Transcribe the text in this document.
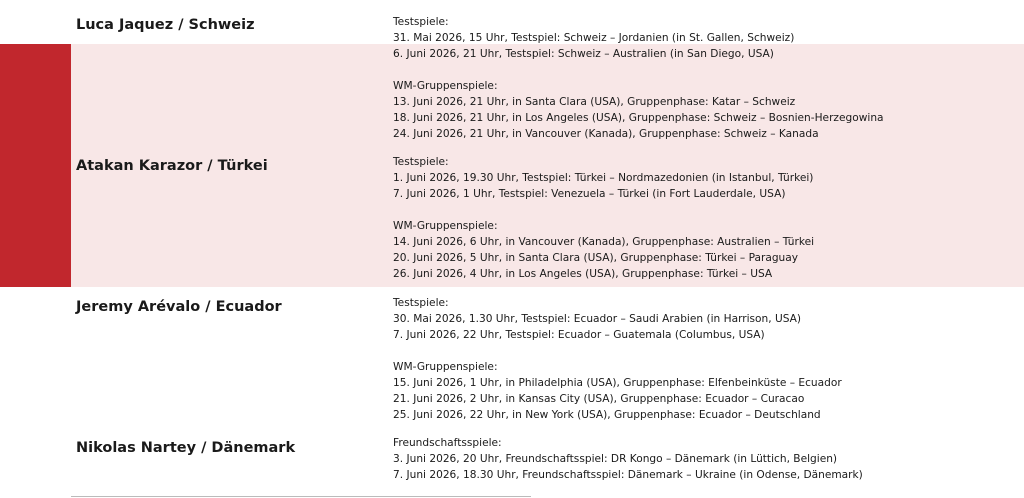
Luca Jaquez / Schweiz	Testspiele:

31. Mai 2026, 15 Uhr, Testspiel: Schweiz – Jordanien (in St. Gallen, Schweiz)

6. Juni 2026, 21 Uhr, Testspiel: Schweiz – Australien (in San Diego, USA)

WM-Gruppenspiele:

13. Juni 2026, 21 Uhr, in Santa Clara (USA), Gruppenphase: Katar – Schweiz

18. Juni 2026, 21 Uhr, in Los Angeles (USA), Gruppenphase: Schweiz – Bosnien-Herzegowina

24. Juni 2026, 21 Uhr, in Vancouver (Kanada), Gruppenphase: Schweiz – Kanada

Atakan Karazor / Türkei	Testspiele:

1. Juni 2026, 19.30 Uhr, Testspiel: Türkei – Nordmazedonien (in Istanbul, Türkei)

7. Juni 2026, 1 Uhr, Testspiel: Venezuela – Türkei (in Fort Lauderdale, USA)

WM-Gruppenspiele:

14. Juni 2026, 6 Uhr, in Vancouver (Kanada), Gruppenphase: Australien – Türkei

20. Juni 2026, 5 Uhr, in Santa Clara (USA), Gruppenphase: Türkei – Paraguay

26. Juni 2026, 4 Uhr, in Los Angeles (USA), Gruppenphase: Türkei – USA

Jeremy Arévalo / Ecuador	Testspiele:

30. Mai 2026, 1.30 Uhr, Testspiel: Ecuador – Saudi Arabien (in Harrison, USA)

7. Juni 2026, 22 Uhr, Testspiel: Ecuador – Guatemala (Columbus, USA)

WM-Gruppenspiele:

15. Juni 2026, 1 Uhr, in Philadelphia (USA), Gruppenphase: Elfenbeinküste – Ecuador

21. Juni 2026, 2 Uhr, in Kansas City (USA), Gruppenphase: Ecuador – Curacao

25. Juni 2026, 22 Uhr, in New York (USA), Gruppenphase: Ecuador – Deutschland

Nikolas Nartey / Dänemark	Freundschaftsspiele:

3. Juni 2026, 20 Uhr, Freundschaftsspiel: DR Kongo – Dänemark (in Lüttich, Belgien)

7. Juni 2026, 18.30 Uhr, Freundschaftsspiel: Dänemark – Ukraine (in Odense, Dänemark)
